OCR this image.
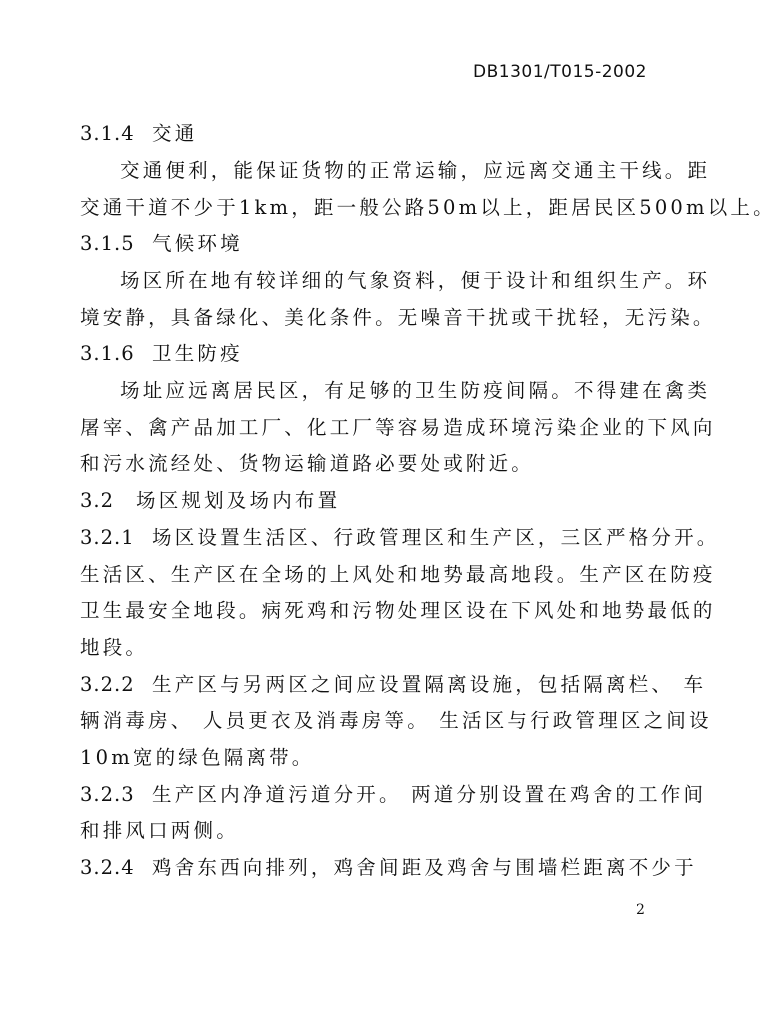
DB1301/T015-2002
3.1.4 交通
交通便利，能保证货物的正常运输，应远离交通主干线。距
交通干道不少于1km，距一般公路50m以上，距居民区500m以上。
3.1.5 气候环境
场区所在地有较详细的气象资料，便于设计和组织生产。环
境安静，具备绿化、美化条件。无噪音干扰或干扰轻，无污染。
3.1.6 卫生防疫
场址应远离居民区，有足够的卫生防疫间隔。不得建在禽类
屠宰、禽产品加工厂、化工厂等容易造成环境污染企业的下风向
和污水流经处、货物运输道路必要处或附近。
3.2 场区规划及场内布置
3.2.1 场区设置生活区、行政管理区和生产区，三区严格分开。
生活区、生产区在全场的上风处和地势最高地段。生产区在防疫
卫生最安全地段。病死鸡和污物处理区设在下风处和地势最低的
地段。
3.2.2 生产区与另两区之间应设置隔离设施，包括隔离栏、 车
辆消毒房、 人员更衣及消毒房等。 生活区与行政管理区之间设
10m宽的绿色隔离带。
3.2.3 生产区内净道污道分开。 两道分别设置在鸡舍的工作间
和排风口两侧。
3.2.4 鸡舍东西向排列，鸡舍间距及鸡舍与围墙栏距离不少于
2
